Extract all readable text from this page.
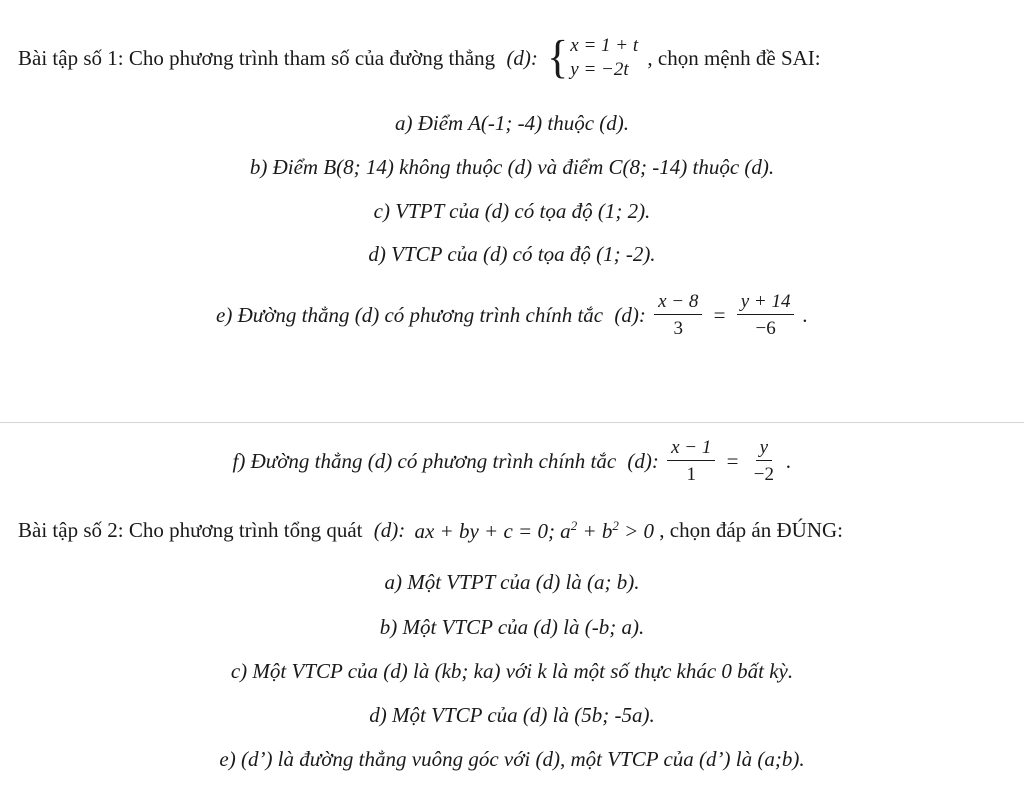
Bài tập số 1: Cho phương trình tham số của đường thẳng (d): { x = 1 + t
y = −2t , chọn mệnh đề SAI:
a) Điểm A(-1; -4) thuộc (d).
b) Điểm B(8; 14) không thuộc (d) và điểm C(8; -14) thuộc (d).
c) VTPT của (d) có tọa độ (1; 2).
d) VTCP của (d) có tọa độ (1; -2).
e) Đường thẳng (d) có phương trình chính tắc (d): $\frac{x - 8}{3} = \frac{y + 14}{-6}$ .
f) Đường thẳng (d) có phương trình chính tắc (d): $\frac{x - 1}{1} = \frac{y}{-2}$ .
Bài tập số 2: Cho phương trình tổng quát (d): ax + by + c = 0; $a^2 + b^2 > 0$ , chọn đáp án ĐÚNG:
a) Một VTPT của (d) là (a; b).
b) Một VTCP của (d) là (-b; a).
c) Một VTCP của (d) là (kb; ka) với k là một số thực khác 0 bất kỳ.
d) Một VTCP của (d) là (5b; -5a).
e) (d’) là đường thẳng vuông góc với (d), một VTCP của (d’) là (a;b).
